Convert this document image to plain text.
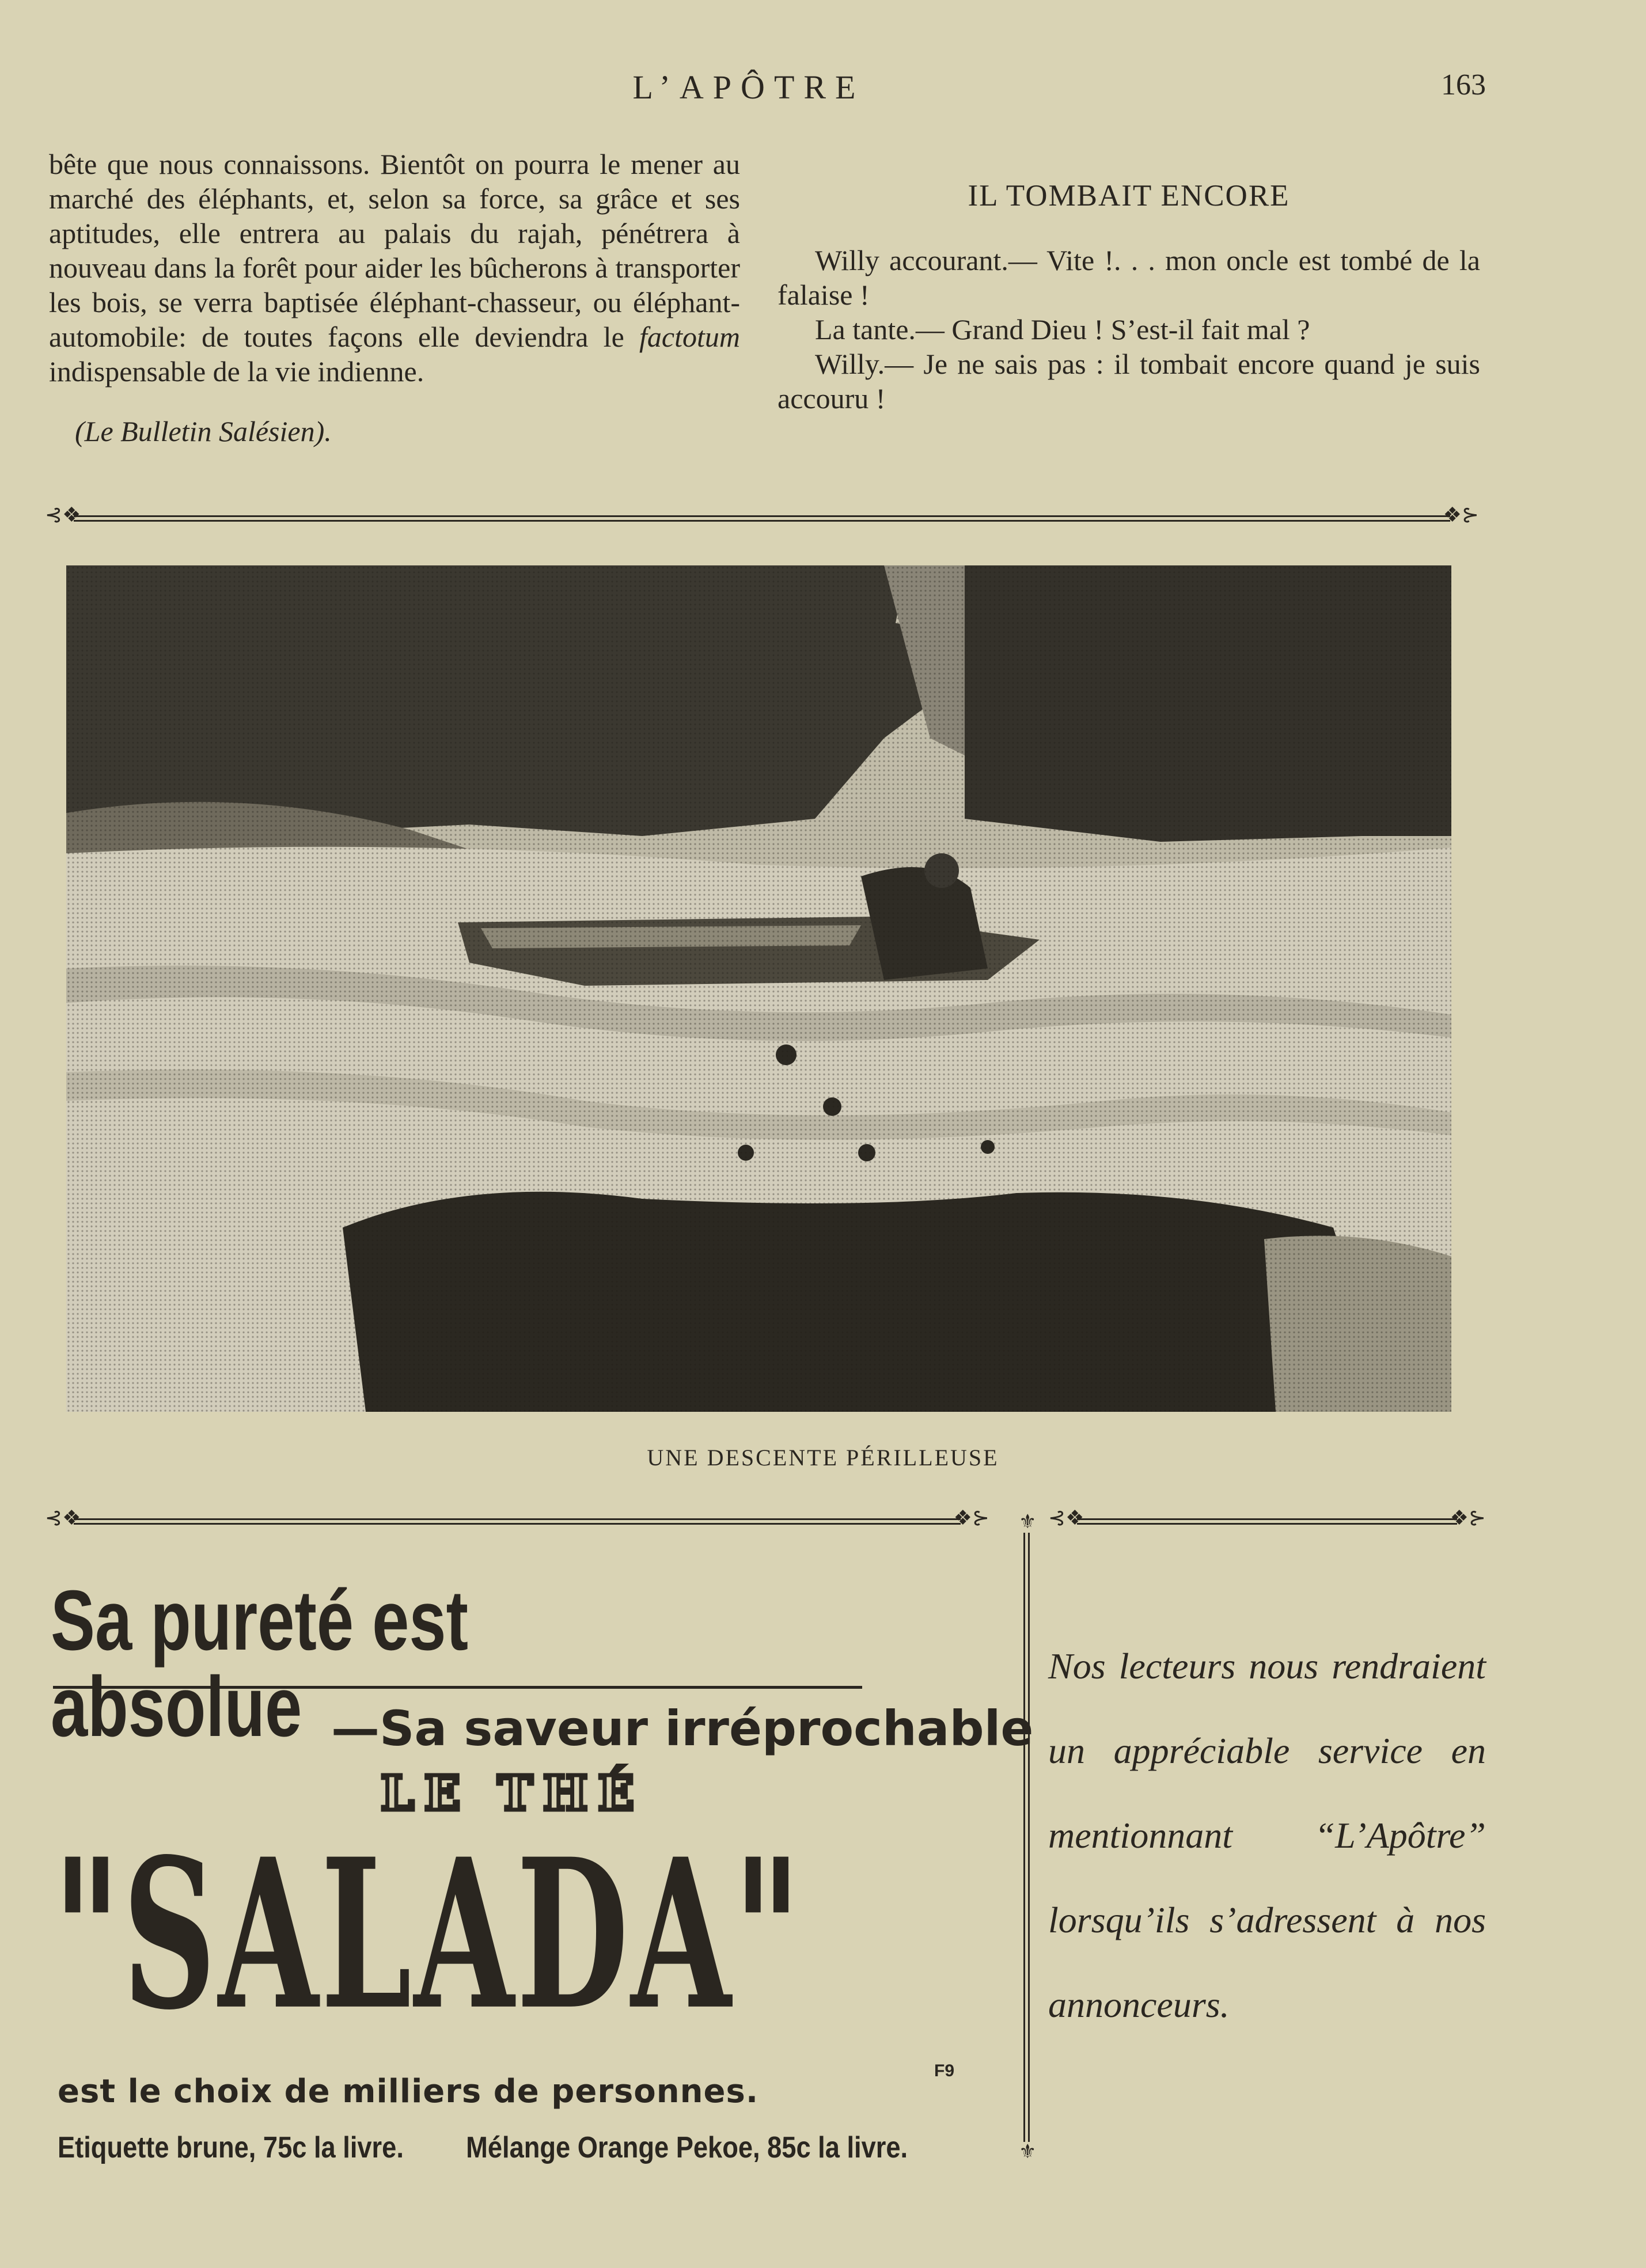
L’APÔTRE	163

bête que nous connaissons. Bientôt on pourra le mener au marché des éléphants, et, selon sa force, sa grâce et ses aptitudes, elle entrera au palais du rajah, pénétrera à nouveau dans la forêt pour aider les bûcherons à transporter les bois, se verra baptisée éléphant-chasseur, ou éléphant-automobile: de toutes façons elle deviendra le factotum indispensable de la vie indienne.

(Le Bulletin Salésien).

IL TOMBAIT ENCORE

Willy accourant.— Vite !. . . mon oncle est tombé de la falaise !

La tante.— Grand Dieu ! S’est-il fait mal ?

Willy.— Je ne sais pas : il tombait encore quand je suis accouru !

⊰❖	❖⊱
UNE DESCENTE PÉRILLEUSE
⊰❖	❖⊱	⊰❖	❖⊱
⚜
⚜
Sa pureté est absolue —Sa saveur irréprochable
LE THÉ
"SALADA"
F9
est le choix de milliers de personnes.
Etiquette brune, 75c la livre. Mélange Orange Pekoe, 85c la livre.
Nos lecteurs nous rendraient un appréciable service en mentionnant “L’Apôtre” lorsqu’ils s’adressent à nos annonceurs.
